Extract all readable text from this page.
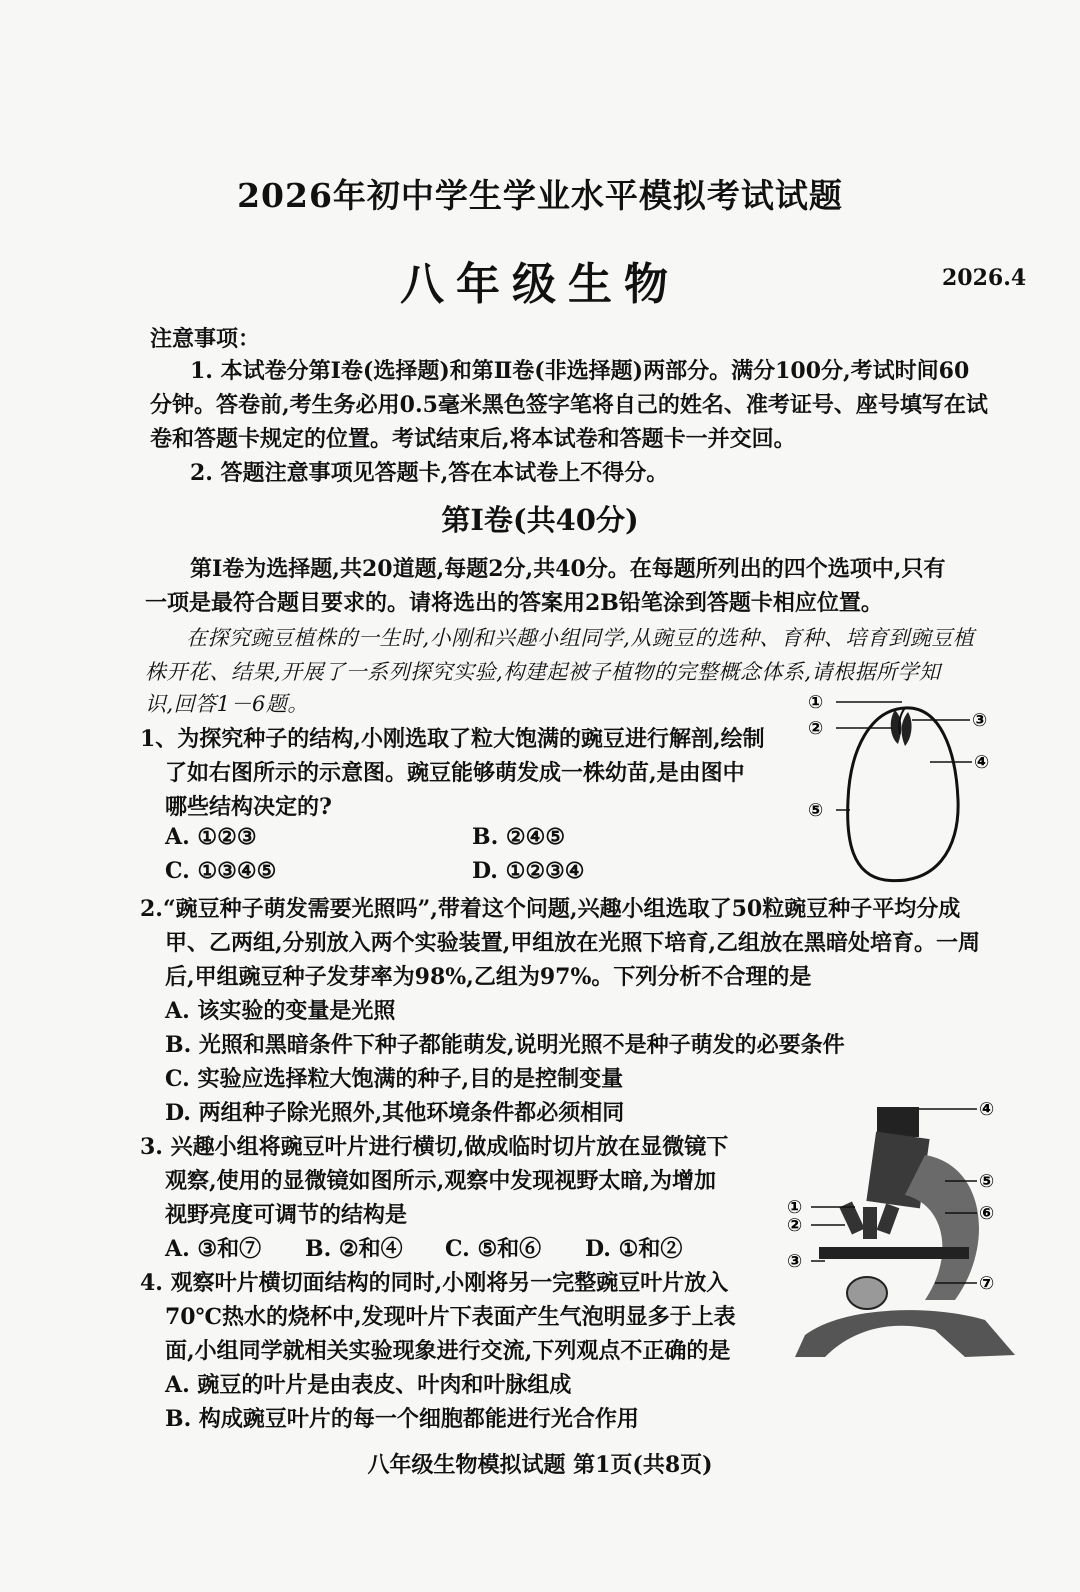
2026年初中学生学业水平模拟考试试题
八年级生物	2026.4
注意事项：
1. 本试卷分第Ⅰ卷(选择题)和第Ⅱ卷(非选择题)两部分。满分100分,考试时间60
分钟。答卷前,考生务必用0.5毫米黑色签字笔将自己的姓名、准考证号、座号填写在试
卷和答题卡规定的位置。考试结束后,将本试卷和答题卡一并交回。
2. 答题注意事项见答题卡,答在本试卷上不得分。
第Ⅰ卷(共40分)
第Ⅰ卷为选择题,共20道题,每题2分,共40分。在每题所列出的四个选项中,只有
一项是最符合题目要求的。请将选出的答案用2B铅笔涂到答题卡相应位置。
在探究豌豆植株的一生时,小刚和兴趣小组同学,从豌豆的选种、育种、培育到豌豆植
株开花、结果,开展了一系列探究实验,构建起被子植物的完整概念体系,请根据所学知
识,回答1－6题。
1、为探究种子的结构,小刚选取了粒大饱满的豌豆进行解剖,绘制
了如右图所示的示意图。豌豆能够萌发成一株幼苗,是由图中
哪些结构决定的?
A. ①②③	B. ②④⑤
C. ①③④⑤	D. ①②③④
①
②	③
④
⑤
2.“豌豆种子萌发需要光照吗”,带着这个问题,兴趣小组选取了50粒豌豆种子平均分成
甲、乙两组,分别放入两个实验装置,甲组放在光照下培育,乙组放在黑暗处培育。一周
后,甲组豌豆种子发芽率为98%,乙组为97%。下列分析不合理的是
A. 该实验的变量是光照
B. 光照和黑暗条件下种子都能萌发,说明光照不是种子萌发的必要条件
C. 实验应选择粒大饱满的种子,目的是控制变量
D. 两组种子除光照外,其他环境条件都必须相同
3. 兴趣小组将豌豆叶片进行横切,做成临时切片放在显微镜下
观察,使用的显微镜如图所示,观察中发现视野太暗,为增加
视野亮度可调节的结构是
A. ③和⑦ B. ②和④ C. ⑤和⑥ D. ①和②
④
⑤
①	⑥
②
③
⑦
4. 观察叶片横切面结构的同时,小刚将另一完整豌豆叶片放入
70℃热水的烧杯中,发现叶片下表面产生气泡明显多于上表
面,小组同学就相关实验现象进行交流,下列观点不正确的是
A. 豌豆的叶片是由表皮、叶肉和叶脉组成
B. 构成豌豆叶片的每一个细胞都能进行光合作用
八年级生物模拟试题 第1页(共8页)
